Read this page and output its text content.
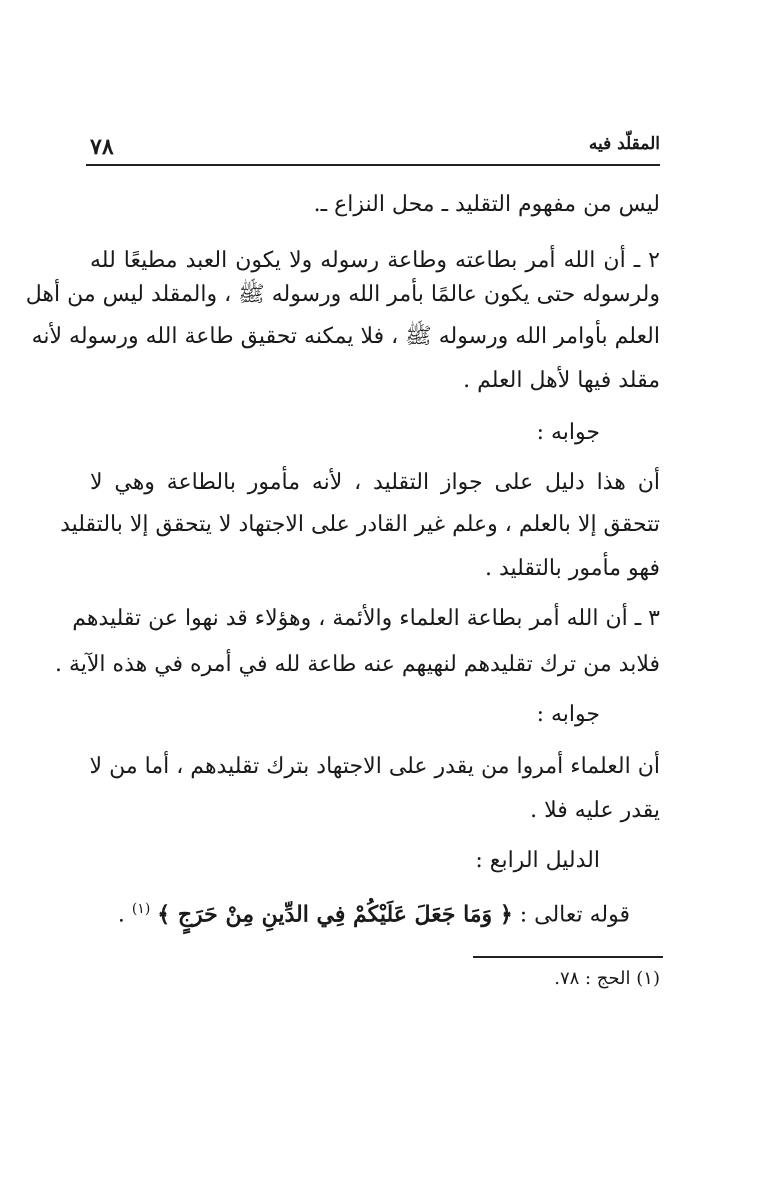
المقلّد فيه
٧٨
ليس من مفهوم التقليد ـ محل النزاع ـ.
٢ ـ أن الله أمر بطاعته وطاعة رسوله ولا يكون العبد مطيعًا لله
ولرسوله حتى يكون عالمًا بأمر الله ورسوله ﷺ ، والمقلد ليس من أهل
العلم بأوامر الله ورسوله ﷺ ، فلا يمكنه تحقيق طاعة الله ورسوله لأنه
مقلد فيها لأهل العلم .
جوابه :
أن هذا دليل على جواز التقليد ، لأنه مأمور بالطاعة وهي لا
تتحقق إلا بالعلم ، وعلم غير القادر على الاجتهاد لا يتحقق إلا بالتقليد
فهو مأمور بالتقليد .
٣ ـ أن الله أمر بطاعة العلماء والأئمة ، وهؤلاء قد نهوا عن تقليدهم
فلابد من ترك تقليدهم لنهيهم عنه طاعة لله في أمره في هذه الآية .
جوابه :
أن العلماء أمروا من يقدر على الاجتهاد بترك تقليدهم ، أما من لا
يقدر عليه فلا .
الدليل الرابع :
قوله تعالى : ﴿ وَمَا جَعَلَ عَلَيْكُمْ فِي الدِّينِ مِنْ حَرَجٍ ﴾ $^{(١)}$ .
(١) الحج : ٧٨.
